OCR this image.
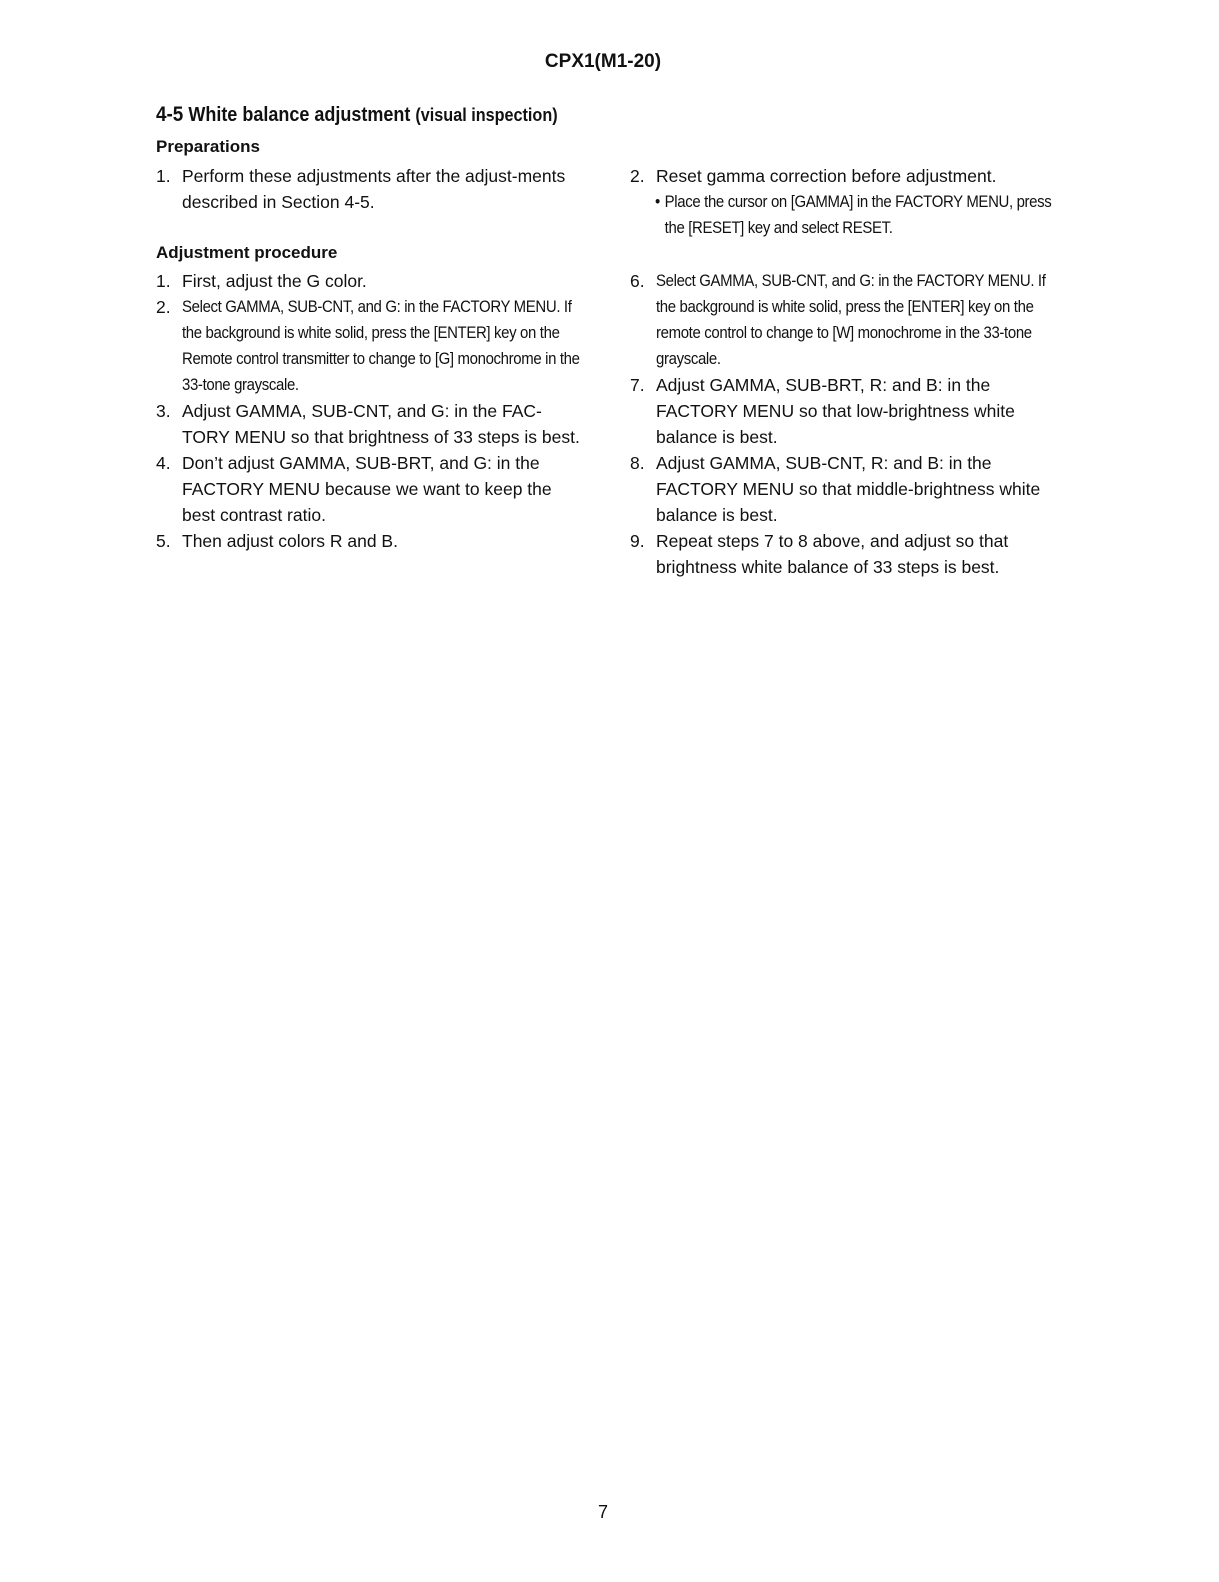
CPX1(M1-20)
4-5 White balance adjustment (visual inspection)
Preparations
1. Perform these adjustments after the adjust-ments described in Section 4-5.
2. Reset gamma correction before adjustment.
• Place the cursor on [GAMMA] in the FACTORY MENU, press the [RESET] key and select RESET.
Adjustment procedure
1. First, adjust the G color.
2. Select GAMMA, SUB-CNT, and G: in the FACTORY MENU. If the background is white solid, press the [ENTER] key on the Remote control transmitter to change to [G] monochrome in the 33-tone grayscale.
3. Adjust GAMMA, SUB-CNT, and G: in the FAC-TORY MENU so that brightness of 33 steps is best.
4. Don’t adjust GAMMA, SUB-BRT, and G: in the FACTORY MENU because we want to keep the best contrast ratio.
5. Then adjust colors R and B.
6. Select GAMMA, SUB-CNT, and G: in the FACTORY MENU. If the background is white solid, press the [ENTER] key on the remote control to change to [W] monochrome in the 33-tone grayscale.
7. Adjust GAMMA, SUB-BRT, R: and B: in the FACTORY MENU so that low-brightness white balance is best.
8. Adjust GAMMA, SUB-CNT, R: and B: in the FACTORY MENU so that middle-brightness white balance is best.
9. Repeat steps 7 to 8 above, and adjust so that brightness white balance of 33 steps is best.
7
